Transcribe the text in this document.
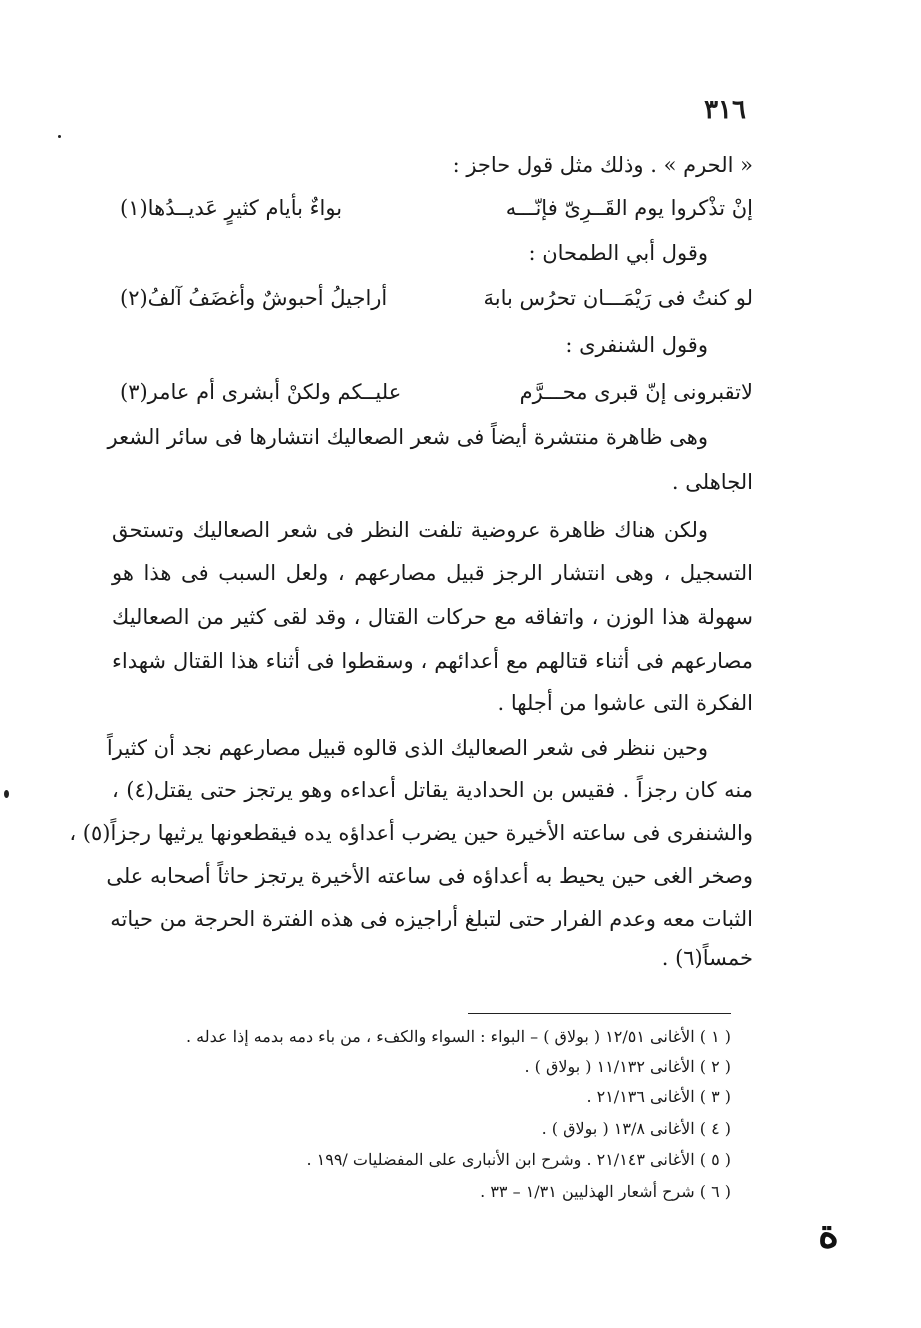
٣١٦
« الحرم » . وذلك مثل قول حاجز :
إنْ تذْكروا يوم القَــرِىّ فإنّـــه
بواءٌ بأيام كثيرٍ عَديــدُها(١)
وقول أبي الطمحان :
لو كنتُ فى رَيْمَـــان تحرُس بابهَ
أراجيلُ أحبوشٌ وأغضَفُ آلفُ(٢)
وقول الشنفرى :
لاتقبرونى إنّ قبرى محـــرَّم
عليــكم ولكنْ أبشرى أم عامر(٣)
وهى ظاهرة منتشرة أيضاً فى شعر الصعاليك انتشارها فى سائر الشعر
الجاهلى .
ولكن هناك ظاهرة عروضية تلفت النظر فى شعر الصعاليك وتستحق
التسجيل ، وهى انتشار الرجز قبيل مصارعهم ، ولعل السبب فى هذا هو
سهولة هذا الوزن ، واتفاقه مع حركات القتال ، وقد لقى كثير من الصعاليك
مصارعهم فى أثناء قتالهم مع أعدائهم ، وسقطوا فى أثناء هذا القتال شهداء
الفكرة التى عاشوا من أجلها .
وحين ننظر فى شعر الصعاليك الذى قالوه قبيل مصارعهم نجد أن كثيراً
منه كان رجزاً . فقيس بن الحدادية يقاتل أعداءه وهو يرتجز حتى يقتل(٤) ،
والشنفرى فى ساعته الأخيرة حين يضرب أعداؤه يده فيقطعونها يرثيها رجزاً(٥) ،
وصخر الغى حين يحيط به أعداؤه فى ساعته الأخيرة يرتجز حاثاً أصحابه على
الثبات معه وعدم الفرار حتى لتبلغ أراجيزه فى هذه الفترة الحرجة من حياته
خمساً(٦) .
( ١ ) الأغانى ١٢/٥١ ( بولاق ) – البواء : السواء والكفء ، من باء دمه بدمه إذا عدله .
( ٢ ) الأغانى ١١/١٣٢ ( بولاق ) .
( ٣ ) الأغانى ٢١/١٣٦ .
( ٤ ) الأغانى ١٣/٨ ( بولاق ) .
( ٥ ) الأغانى ٢١/١٤٣ . وشرح ابن الأنبارى على المفضليات /١٩٩ .
( ٦ ) شرح أشعار الهذليين ١/٣١ – ٣٣ .
ة
